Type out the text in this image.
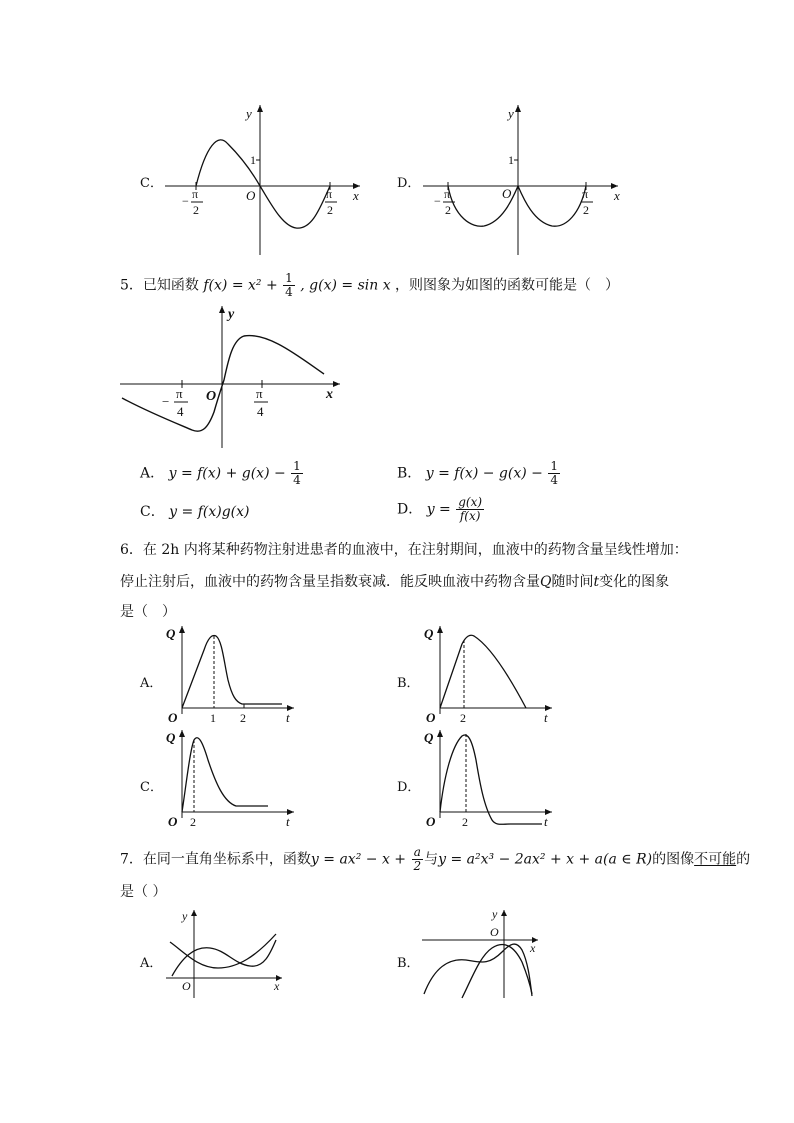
C．
y
x
O
1
− π
2
π
2
D．
y
x
O
1
− π
2
π
2
5．已知函数 $f(x) = x^2 + \frac{1}{4}$ , g(x) = sin x ，则图象为如图的函数可能是（　）
y
x
O
−
π
4
π
4
A． $y = f(x) + g(x) - \frac{1}{4}$	B． $y = f(x) - g(x) - \frac{1}{4}$
C． y = f(x)g(x)	D． $y = \frac{g(x)}{f(x)}$
6．在 2h 内将某种药物注射进患者的血液中，在注射期间，血液中的药物含量呈线性增加：
停止注射后，血液中的药物含量呈指数衰减．能反映血液中药物含量Q随时间t变化的图象
是（　）
A．
Q
t
O	1 2
B．
Q
t
O 2
C．
Q
t
O 2
D．
Q
t
O 2
7．在同一直角坐标系中，函数$y = ax^2 - x + \frac{a}{2}$ 与y = a²x³ − 2ax² + x + a(a ∈ R)的图像不可能的
是（ ）
A．
y
x
O
B．
y
x
O
